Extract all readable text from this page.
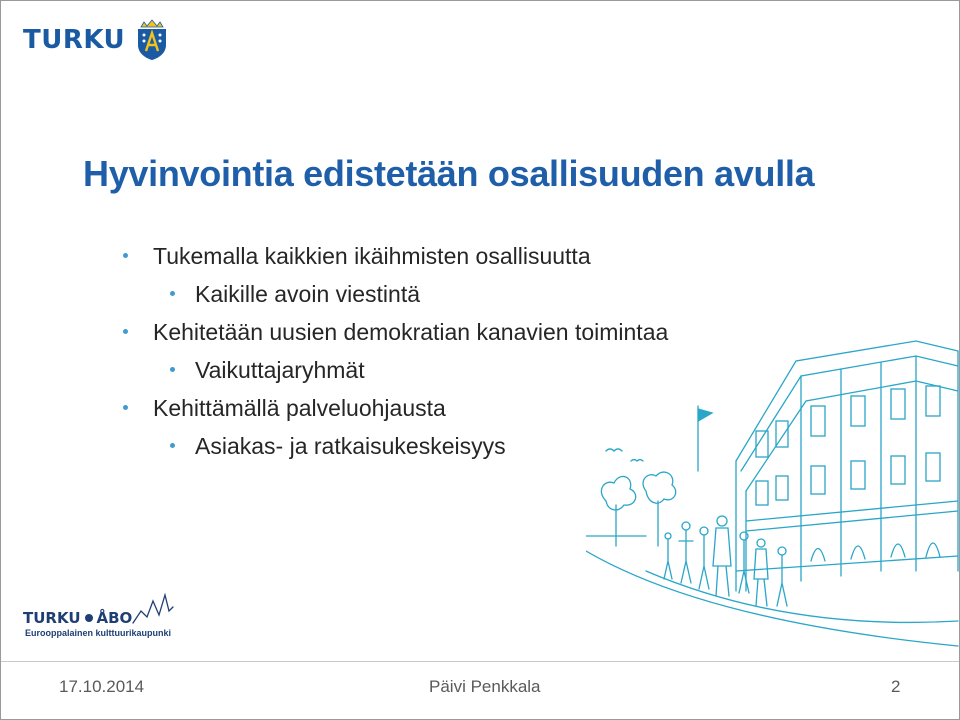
TURKU
Hyvinvointia edistetään osallisuuden avulla
Tukemalla kaikkien ikäihmisten osallisuutta
Kaikille avoin viestintä
Kehitetään uusien demokratian kanavien toimintaa
Vaikuttajaryhmät
Kehittämällä palveluohjausta
Asiakas- ja ratkaisukeskeisyys
TURKU ÅBO
Eurooppalainen kulttuurikaupunki
17.10.2014	Päivi Penkkala	2
